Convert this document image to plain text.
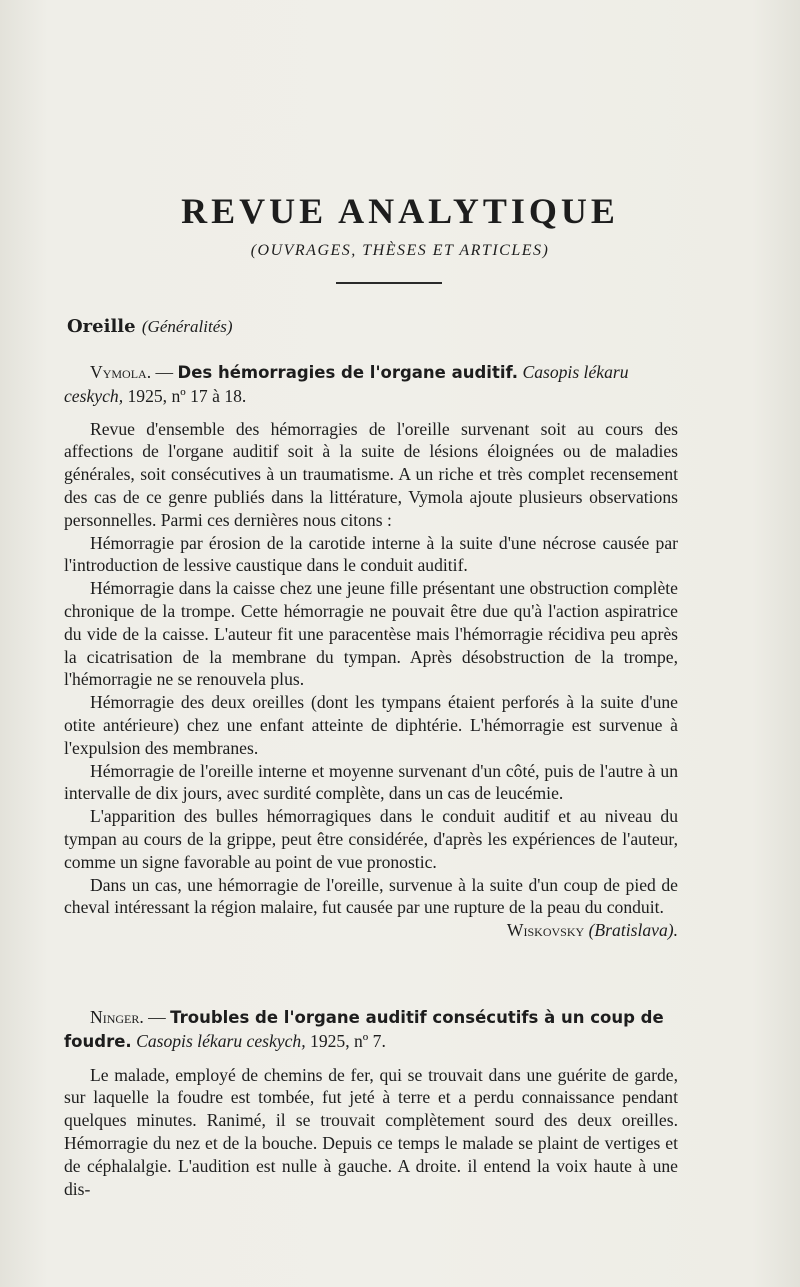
REVUE ANALYTIQUE
(OUVRAGES, THÈSES ET ARTICLES)
Oreille (Généralités)

Vymola. — Des hémorragies de l'organe auditif. Casopis lékaru ceskych, 1925, nº 17 à 18.

Revue d'ensemble des hémorragies de l'oreille survenant soit au cours des affections de l'organe auditif soit à la suite de lésions éloignées ou de maladies générales, soit consécutives à un traumatisme. A un riche et très complet recensement des cas de ce genre publiés dans la littérature, Vymola ajoute plusieurs observations personnelles. Parmi ces dernières nous citons :

Hémorragie par érosion de la carotide interne à la suite d'une nécrose causée par l'introduction de lessive caustique dans le conduit auditif.

Hémorragie dans la caisse chez une jeune fille présentant une obstruction complète chronique de la trompe. Cette hémorragie ne pouvait être due qu'à l'action aspiratrice du vide de la caisse. L'auteur fit une paracentèse mais l'hémorragie récidiva peu après la cicatrisation de la membrane du tympan. Après désobstruction de la trompe, l'hémorragie ne se renouvela plus.

Hémorragie des deux oreilles (dont les tympans étaient perforés à la suite d'une otite antérieure) chez une enfant atteinte de diphtérie. L'hémorragie est survenue à l'expulsion des membranes.

Hémorragie de l'oreille interne et moyenne survenant d'un côté, puis de l'autre à un intervalle de dix jours, avec surdité complète, dans un cas de leucémie.

L'apparition des bulles hémorragiques dans le conduit auditif et au niveau du tympan au cours de la grippe, peut être considérée, d'après les expériences de l'auteur, comme un signe favorable au point de vue pronostic.

Dans un cas, une hémorragie de l'oreille, survenue à la suite d'un coup de pied de cheval intéressant la région malaire, fut causée par une rupture de la peau du conduit.

Wiskovsky (Bratislava).

Ninger. — Troubles de l'organe auditif consécutifs à un coup de foudre. Casopis lékaru ceskych, 1925, nº 7.

Le malade, employé de chemins de fer, qui se trouvait dans une guérite de garde, sur laquelle la foudre est tombée, fut jeté à terre et a perdu connaissance pendant quelques minutes. Ranimé, il se trouvait complètement sourd des deux oreilles. Hémorragie du nez et de la bouche. Depuis ce temps le malade se plaint de vertiges et de céphalalgie. L'audition est nulle à gauche. A droite. il entend la voix haute à une dis-
